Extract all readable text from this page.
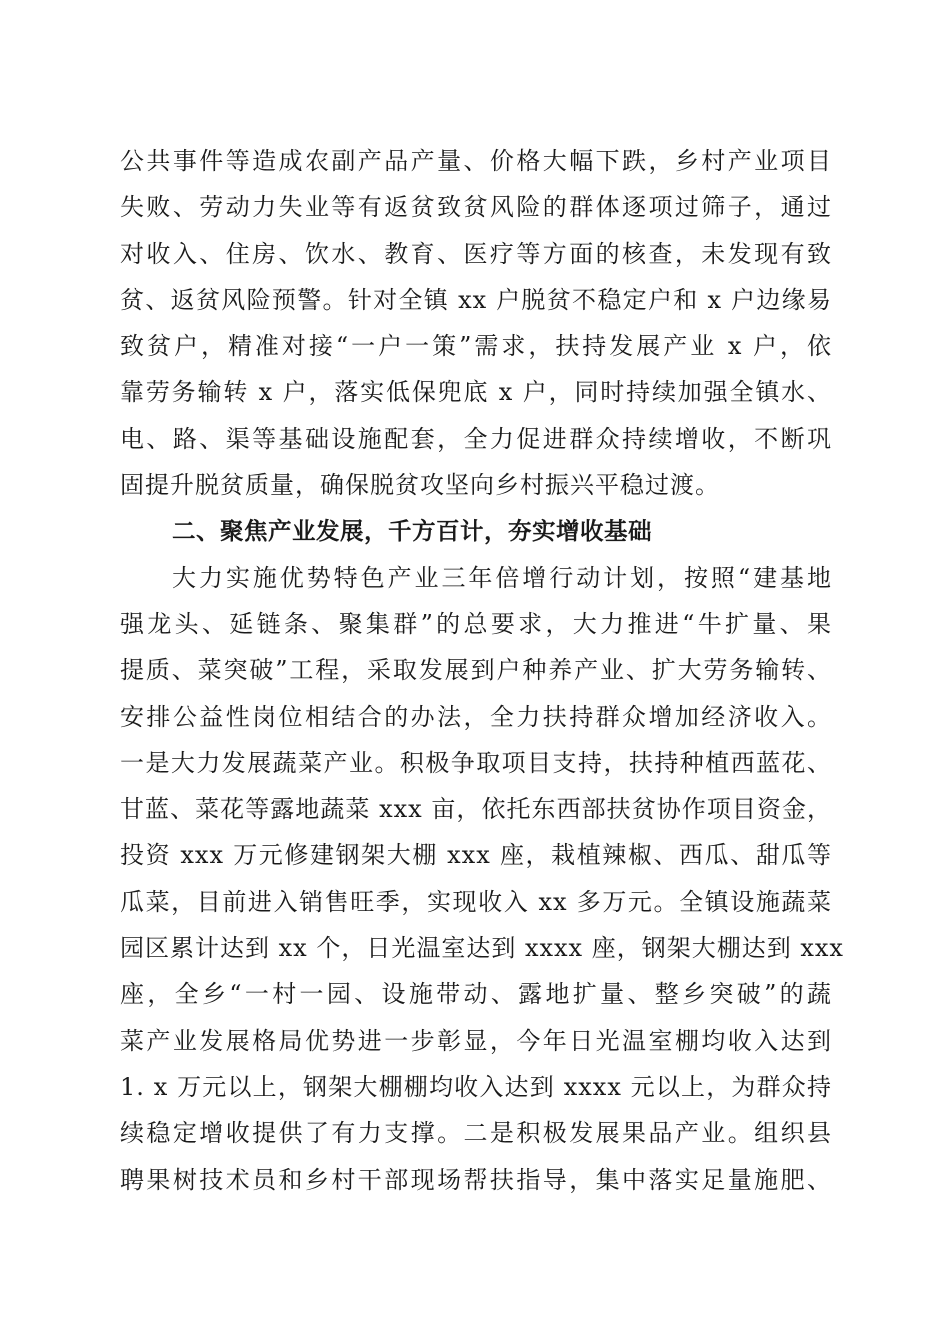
公共事件等造成农副产品产量、价格大幅下跌，乡村产业项目
失败、劳动力失业等有返贫致贫风险的群体逐项过筛子，通过
对收入、住房、饮水、教育、医疗等方面的核查，未发现有致
贫、返贫风险预警。针对全镇 xx 户脱贫不稳定户和 x 户边缘易
致贫户，精准对接“一户一策”需求，扶持发展产业 x 户，依
靠劳务输转 x 户，落实低保兜底 x 户，同时持续加强全镇水、
电、路、渠等基础设施配套，全力促进群众持续增收，不断巩
固提升脱贫质量，确保脱贫攻坚向乡村振兴平稳过渡。
二、聚焦产业发展，千方百计，夯实增收基础
大力实施优势特色产业三年倍增行动计划，按照“建基地
强龙头、延链条、聚集群”的总要求，大力推进“牛扩量、果
提质、菜突破”工程，采取发展到户种养产业、扩大劳务输转、
安排公益性岗位相结合的办法，全力扶持群众增加经济收入。
一是大力发展蔬菜产业。积极争取项目支持，扶持种植西蓝花、
甘蓝、菜花等露地蔬菜 xxx 亩，依托东西部扶贫协作项目资金，
投资 xxx 万元修建钢架大棚 xxx 座，栽植辣椒、西瓜、甜瓜等
瓜菜，目前进入销售旺季，实现收入 xx 多万元。全镇设施蔬菜
园区累计达到 xx 个，日光温室达到 xxxx 座，钢架大棚达到 xxx
座，全乡“一村一园、设施带动、露地扩量、整乡突破”的蔬
菜产业发展格局优势进一步彰显，今年日光温室棚均收入达到
1. x 万元以上，钢架大棚棚均收入达到 xxxx 元以上，为群众持
续稳定增收提供了有力支撑。二是积极发展果品产业。组织县
聘果树技术员和乡村干部现场帮扶指导，集中落实足量施肥、
